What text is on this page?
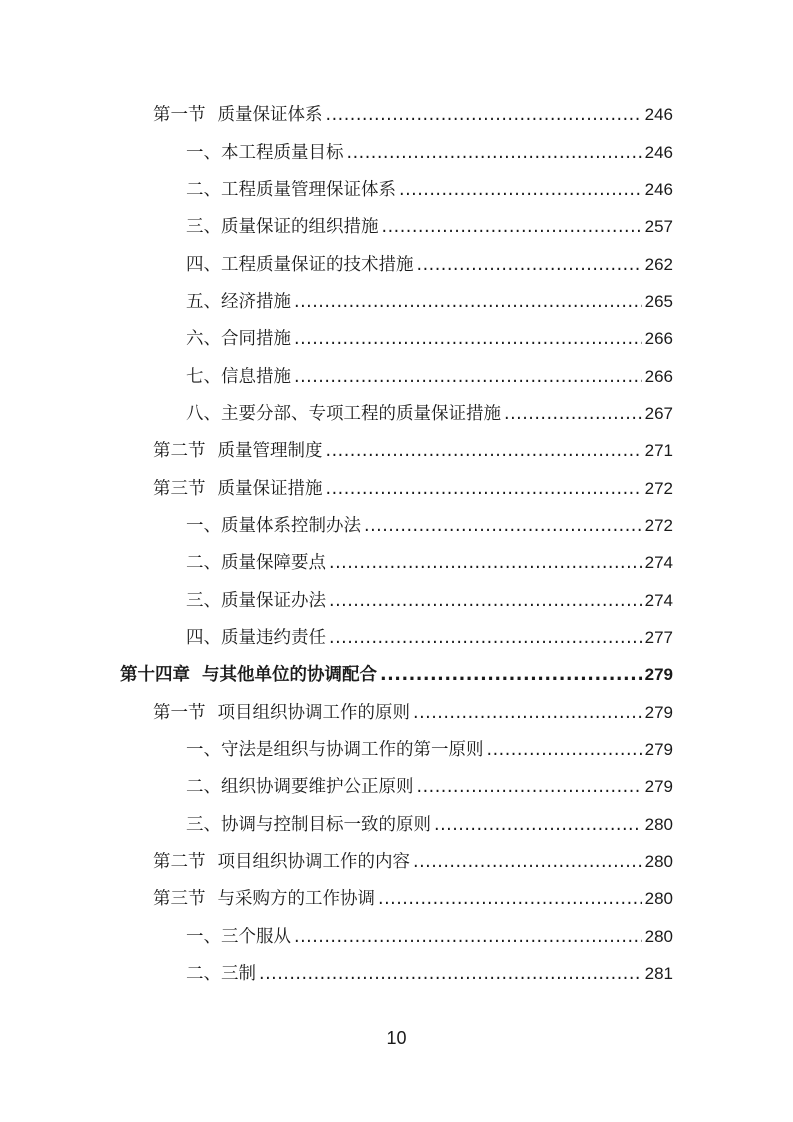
第一节 质量保证体系 .....	246
一、本工程质量目标 .....	246
二、工程质量管理保证体系 .....	246
三、质量保证的组织措施 .....	257
四、工程质量保证的技术措施 .....	262
五、经济措施 .....	265
六、合同措施 .....	266
七、信息措施 .....	266
八、主要分部、专项工程的质量保证措施 .....	267
第二节 质量管理制度 .....	271
第三节 质量保证措施 .....	272
一、质量体系控制办法 .....	272
二、质量保障要点 .....	274
三、质量保证办法 .....	274
四、质量违约责任 .....	277
第十四章 与其他单位的协调配合 .....	279
第一节 项目组织协调工作的原则 .....	279
一、守法是组织与协调工作的第一原则 .....	279
二、组织协调要维护公正原则 .....	279
三、协调与控制目标一致的原则 .....	280
第二节 项目组织协调工作的内容 .....	280
第三节 与采购方的工作协调 .....	280
一、三个服从 .....	280
二、三制 .....	281
10
